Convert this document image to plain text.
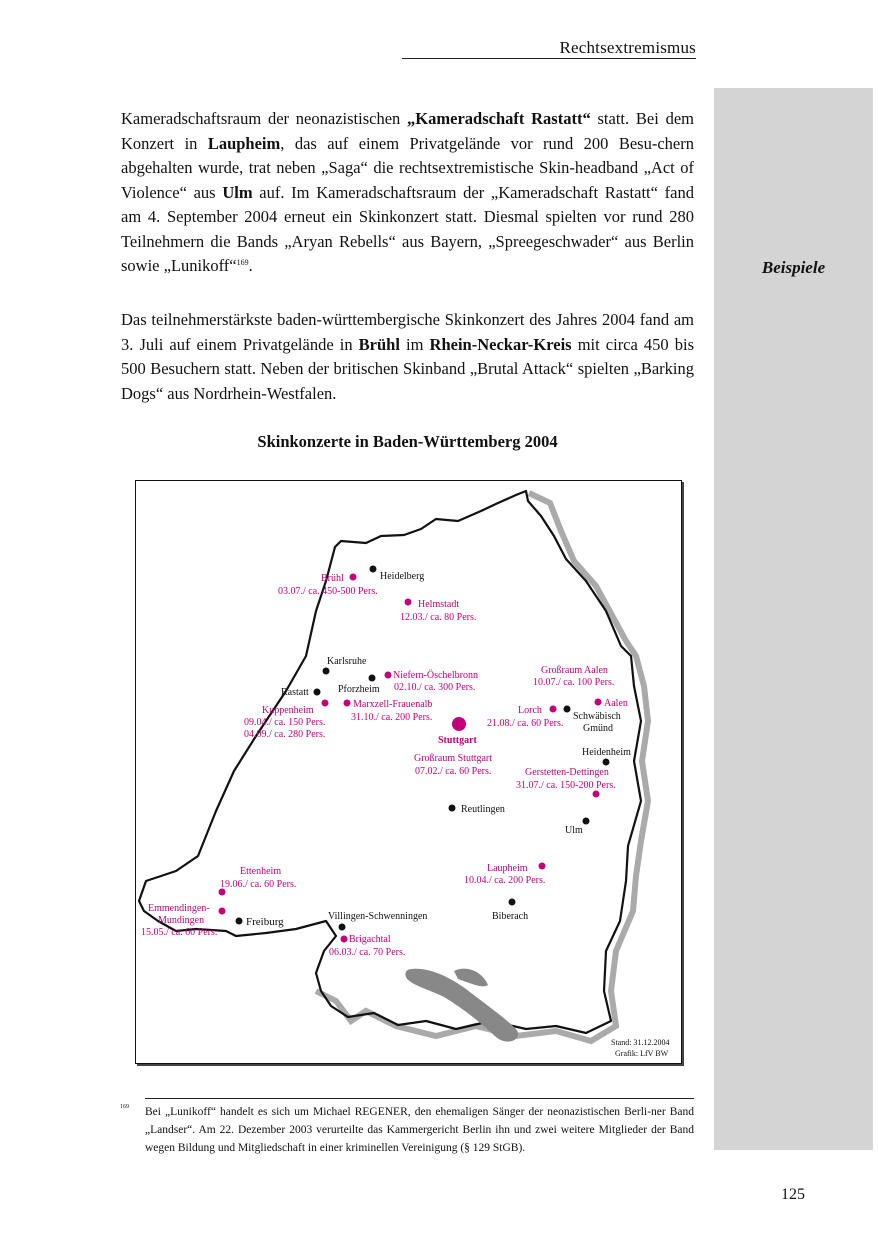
Rechtsextremismus
Beispiele
Kameradschaftsraum der neonazistischen „Kameradschaft Rastatt“ statt. Bei dem Konzert in Laupheim, das auf einem Privatgelände vor rund 200 Besu-chern abgehalten wurde, trat neben „Saga“ die rechtsextremistische Skin-headband „Act of Violence“ aus Ulm auf. Im Kameradschaftsraum der „Kameradschaft Rastatt“ fand am 4. September 2004 erneut ein Skinkonzert statt. Diesmal spielten vor rund 280 Teilnehmern die Bands „Aryan Rebells“ aus Bayern, „Spreegeschwader“ aus Berlin sowie „Lunikoff“$^{169}$.
Das teilnehmerstärkste baden-württembergische Skinkonzert des Jahres 2004 fand am 3. Juli auf einem Privatgelände in Brühl im Rhein-Neckar-Kreis mit circa 450 bis 500 Besuchern statt. Neben der britischen Skinband „Brutal Attack“ spielten „Barking Dogs“ aus Nordrhein-Westfalen.
Skinkonzerte in Baden-Württemberg 2004
Heidelberg
Karlsruhe
Rastatt	Pforzheim
Schwäbisch
Gmünd
Heidenheim
Reutlingen
Ulm
Freiburg	Villingen-Schwenningen	Biberach
Brühl
03.07./ ca. 450-500 Pers.
Helmstadt
12.03./ ca. 80 Pers.
Niefern-Öschelbronn
02.10./ ca. 300 Pers.
Kuppenheim
09.04./ ca. 150 Pers.
04.09./ ca. 280 Pers.
Marxzell-Frauenalb
31.10./ ca. 200 Pers.
Großraum Aalen
10.07./ ca. 100 Pers.
Aalen
Lorch
21.08./ ca. 60 Pers.
Stuttgart
Großraum Stuttgart
07.02./ ca. 60 Pers.	Gerstetten-Dettingen
31.07./ ca. 150-200 Pers.
Laupheim
10.04./ ca. 200 Pers.
Ettenheim
19.06./ ca. 60 Pers.
Emmendingen-
Mundingen
15.05./ ca. 60 Pers.
Brigachtal
06.03./ ca. 70 Pers.
Stand: 31.12.2004
Grafik: LfV BW
169 Bei „Lunikoff“ handelt es sich um Michael REGENER, den ehemaligen Sänger der neonazistischen Berli-ner Band „Landser“. Am 22. Dezember 2003 verurteilte das Kammergericht Berlin ihn und zwei weitere Mitglieder der Band wegen Bildung und Mitgliedschaft in einer kriminellen Vereinigung (§ 129 StGB).
125
